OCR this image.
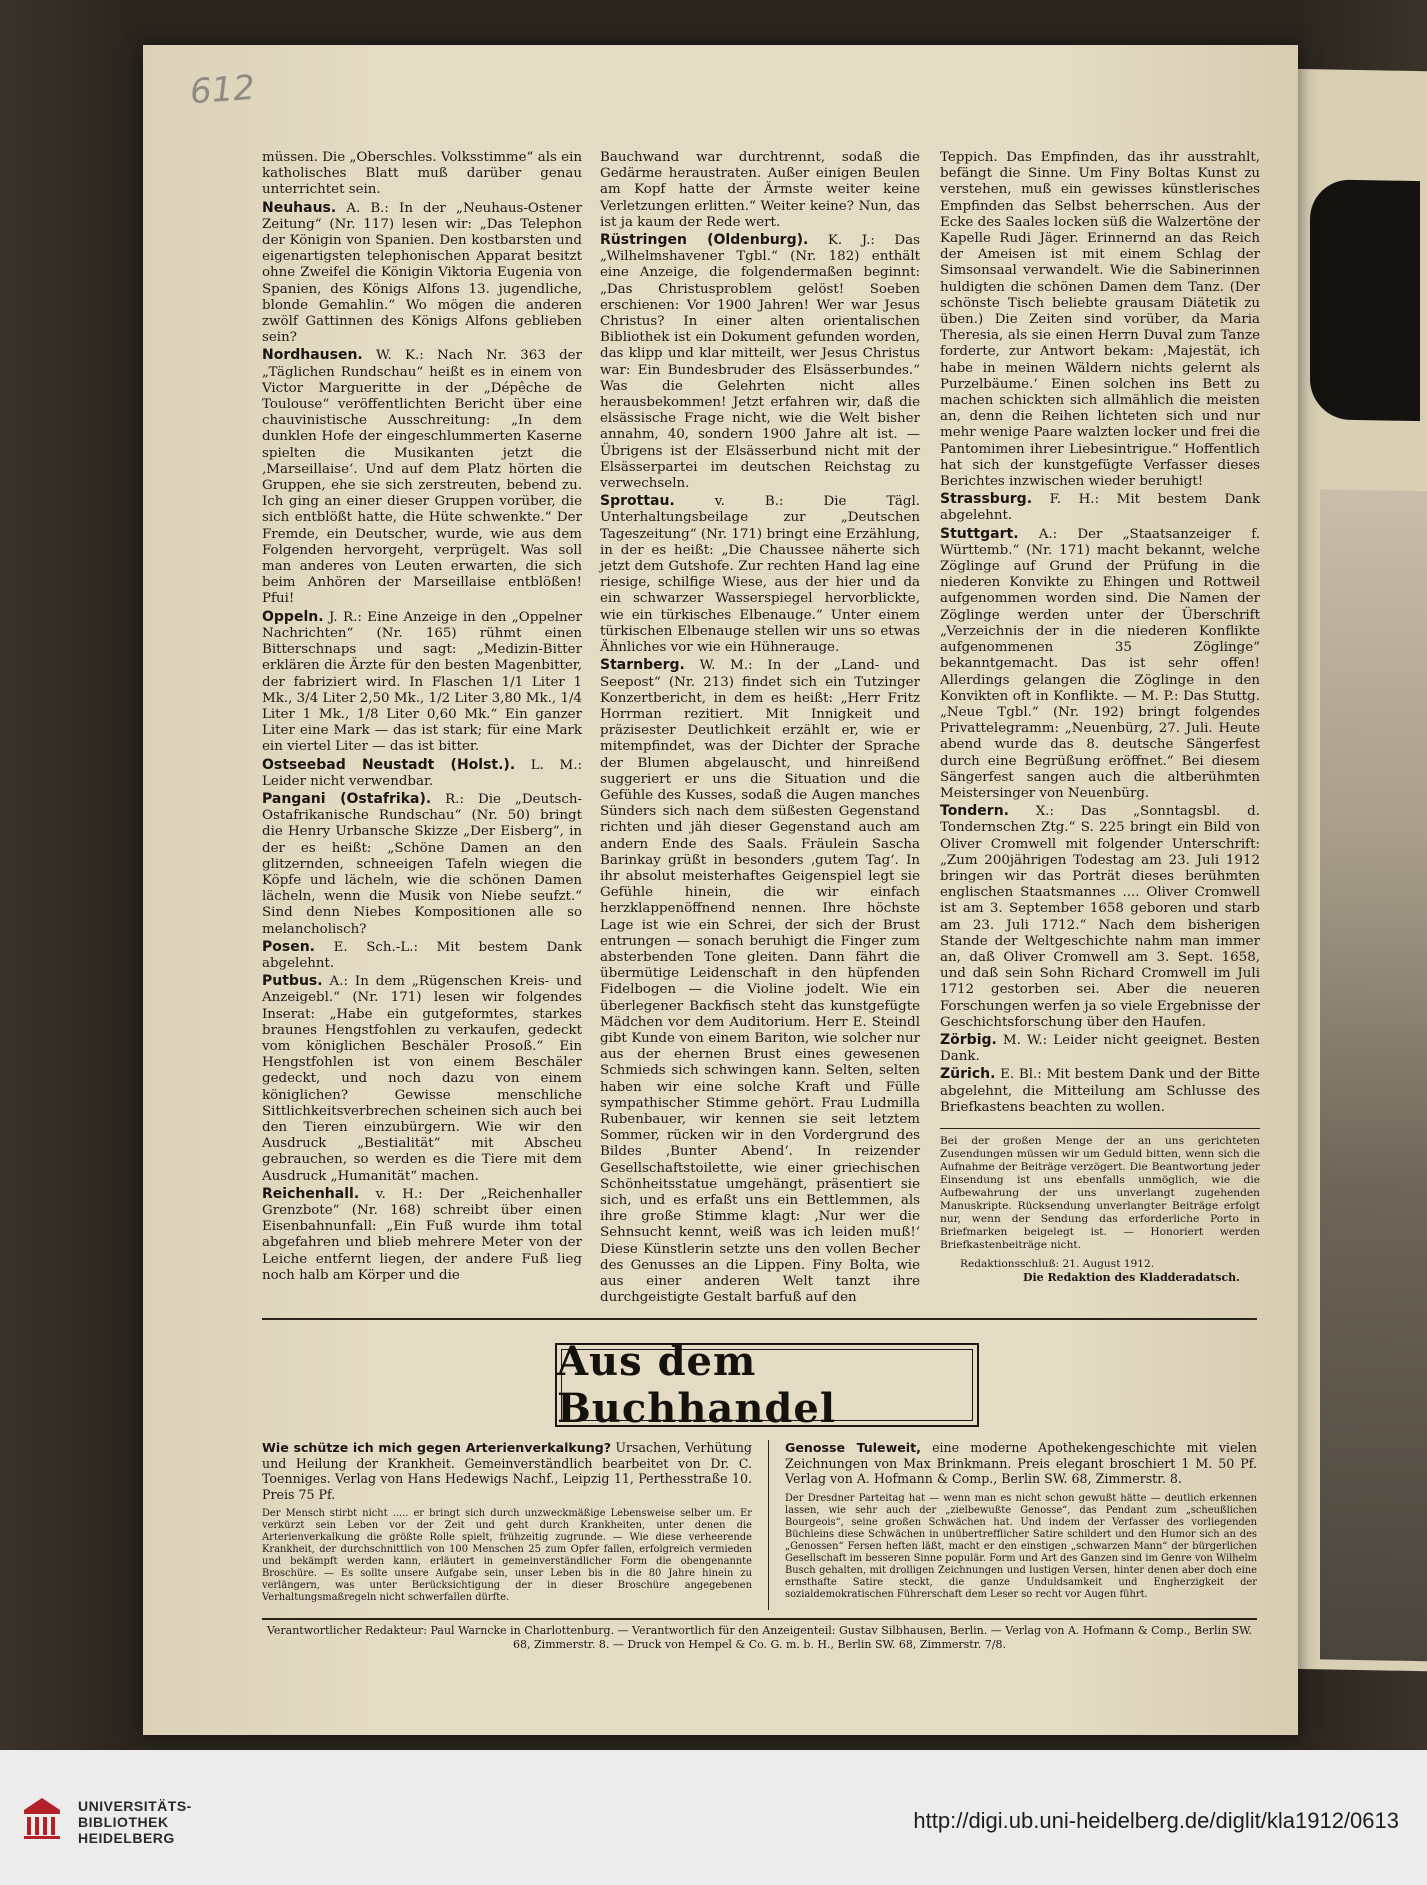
612

müssen. Die „Oberschles. Volksstimme“ als ein katholisches Blatt muß darüber genau unterrichtet sein.

Neuhaus. A. B.: In der „Neuhaus-Ostener Zeitung“ (Nr. 117) lesen wir: „Das Telephon der Königin von Spanien. Den kostbarsten und eigenartigsten telephonischen Apparat besitzt ohne Zweifel die Königin Viktoria Eugenia von Spanien, des Königs Alfons 13. jugendliche, blonde Gemahlin.“ Wo mögen die anderen zwölf Gattinnen des Königs Alfons geblieben sein?

Nordhausen. W. K.: Nach Nr. 363 der „Täglichen Rundschau“ heißt es in einem von Victor Margueritte in der „Dépêche de Toulouse“ veröffentlichten Bericht über eine chauvinistische Ausschreitung: „In dem dunklen Hofe der eingeschlummerten Kaserne spielten die Musikanten jetzt die ‚Marseillaise‘. Und auf dem Platz hörten die Gruppen, ehe sie sich zerstreuten, bebend zu. Ich ging an einer dieser Gruppen vorüber, die sich entblößt hatte, die Hüte schwenkte.“ Der Fremde, ein Deutscher, wurde, wie aus dem Folgenden hervorgeht, verprügelt. Was soll man anderes von Leuten erwarten, die sich beim Anhören der Marseillaise entblößen! Pfui!

Oppeln. J. R.: Eine Anzeige in den „Oppelner Nachrichten“ (Nr. 165) rühmt einen Bitterschnaps und sagt: „Medizin-Bitter erklären die Ärzte für den besten Magenbitter, der fabriziert wird. In Flaschen 1/1 Liter 1 Mk., 3/4 Liter 2,50 Mk., 1/2 Liter 3,80 Mk., 1/4 Liter 1 Mk., 1/8 Liter 0,60 Mk.“ Ein ganzer Liter eine Mark — das ist stark; für eine Mark ein viertel Liter — das ist bitter.

Ostseebad Neustadt (Holst.). L. M.: Leider nicht verwendbar.

Pangani (Ostafrika). R.: Die „Deutsch-Ostafrikanische Rundschau“ (Nr. 50) bringt die Henry Urbansche Skizze „Der Eisberg“, in der es heißt: „Schöne Damen an den glitzernden, schneeigen Tafeln wiegen die Köpfe und lächeln, wie die schönen Damen lächeln, wenn die Musik von Niebe seufzt.“ Sind denn Niebes Kompositionen alle so melancholisch?

Posen. E. Sch.-L.: Mit bestem Dank abgelehnt.

Putbus. A.: In dem „Rügenschen Kreis- und Anzeigebl.“ (Nr. 171) lesen wir folgendes Inserat: „Habe ein gutgeformtes, starkes braunes Hengstfohlen zu verkaufen, gedeckt vom königlichen Beschäler Prosoß.“ Ein Hengstfohlen ist von einem Beschäler gedeckt, und noch dazu von einem königlichen? Gewisse menschliche Sittlichkeitsverbrechen scheinen sich auch bei den Tieren einzubürgern. Wie wir den Ausdruck „Bestialität“ mit Abscheu gebrauchen, so werden es die Tiere mit dem Ausdruck „Humanität“ machen.

Reichenhall. v. H.: Der „Reichenhaller Grenzbote“ (Nr. 168) schreibt über einen Eisenbahnunfall: „Ein Fuß wurde ihm total abgefahren und blieb mehrere Meter von der Leiche entfernt liegen, der andere Fuß lieg noch halb am Körper und die

Bauchwand war durchtrennt, sodaß die Gedärme heraustraten. Außer einigen Beulen am Kopf hatte der Ärmste weiter keine Verletzungen erlitten.“ Weiter keine? Nun, das ist ja kaum der Rede wert.

Rüstringen (Oldenburg). K. J.: Das „Wilhelmshavener Tgbl.“ (Nr. 182) enthält eine Anzeige, die folgendermaßen beginnt: „Das Christusproblem gelöst! Soeben erschienen: Vor 1900 Jahren! Wer war Jesus Christus? In einer alten orientalischen Bibliothek ist ein Dokument gefunden worden, das klipp und klar mitteilt, wer Jesus Christus war: Ein Bundesbruder des Elsässerbundes.“ Was die Gelehrten nicht alles herausbekommen! Jetzt erfahren wir, daß die elsässische Frage nicht, wie die Welt bisher annahm, 40, sondern 1900 Jahre alt ist. — Übrigens ist der Elsässerbund nicht mit der Elsässerpartei im deutschen Reichstag zu verwechseln.

Sprottau. v. B.: Die Tägl. Unterhaltungsbeilage zur „Deutschen Tageszeitung“ (Nr. 171) bringt eine Erzählung, in der es heißt: „Die Chaussee näherte sich jetzt dem Gutshofe. Zur rechten Hand lag eine riesige, schilfige Wiese, aus der hier und da ein schwarzer Wasserspiegel hervorblickte, wie ein türkisches Elbenauge.“ Unter einem türkischen Elbenauge stellen wir uns so etwas Ähnliches vor wie ein Hühnerauge.

Starnberg. W. M.: In der „Land- und Seepost“ (Nr. 213) findet sich ein Tutzinger Konzertbericht, in dem es heißt: „Herr Fritz Horrman rezitiert. Mit Innigkeit und präzisester Deutlichkeit erzählt er, wie er mitempfindet, was der Dichter der Sprache der Blumen abgelauscht, und hinreißend suggeriert er uns die Situation und die Gefühle des Kusses, sodaß die Augen manches Sünders sich nach dem süßesten Gegenstand richten und jäh dieser Gegenstand auch am andern Ende des Saals. Fräulein Sascha Barinkay grüßt in besonders ‚gutem Tag‘. In ihr absolut meisterhaftes Geigenspiel legt sie Gefühle hinein, die wir einfach herzklappenöffnend nennen. Ihre höchste Lage ist wie ein Schrei, der sich der Brust entrungen — sonach beruhigt die Finger zum absterbenden Tone gleiten. Dann fährt die übermütige Leidenschaft in den hüpfenden Fidelbogen — die Violine jodelt. Wie ein überlegener Backfisch steht das kunstgefügte Mädchen vor dem Auditorium. Herr E. Steindl gibt Kunde von einem Bariton, wie solcher nur aus der ehernen Brust eines gewesenen Schmieds sich schwingen kann. Selten, selten haben wir eine solche Kraft und Fülle sympathischer Stimme gehört. Frau Ludmilla Rubenbauer, wir kennen sie seit letztem Sommer, rücken wir in den Vordergrund des Bildes ‚Bunter Abend‘. In reizender Gesellschaftstoilette, wie einer griechischen Schönheitsstatue umgehängt, präsentiert sie sich, und es erfaßt uns ein Bettlemmen, als ihre große Stimme klagt: ‚Nur wer die Sehnsucht kennt, weiß was ich leiden muß!‘ Diese Künstlerin setzte uns den vollen Becher des Genusses an die Lippen. Finy Bolta, wie aus einer anderen Welt tanzt ihre durchgeistigte Gestalt barfuß auf den

Teppich. Das Empfinden, das ihr ausstrahlt, befängt die Sinne. Um Finy Boltas Kunst zu verstehen, muß ein gewisses künstlerisches Empfinden das Selbst beherrschen. Aus der Ecke des Saales locken süß die Walzertöne der Kapelle Rudi Jäger. Erinnernd an das Reich der Ameisen ist mit einem Schlag der Simsonsaal verwandelt. Wie die Sabinerinnen huldigten die schönen Damen dem Tanz. (Der schönste Tisch beliebte grausam Diätetik zu üben.) Die Zeiten sind vorüber, da Maria Theresia, als sie einen Herrn Duval zum Tanze forderte, zur Antwort bekam: ‚Majestät, ich habe in meinen Wäldern nichts gelernt als Purzelbäume.‘ Einen solchen ins Bett zu machen schickten sich allmählich die meisten an, denn die Reihen lichteten sich und nur mehr wenige Paare walzten locker und frei die Pantomimen ihrer Liebesintrigue.“ Hoffentlich hat sich der kunstgefügte Verfasser dieses Berichtes inzwischen wieder beruhigt!

Strassburg. F. H.: Mit bestem Dank abgelehnt.

Stuttgart. A.: Der „Staatsanzeiger f. Württemb.“ (Nr. 171) macht bekannt, welche Zöglinge auf Grund der Prüfung in die niederen Konvikte zu Ehingen und Rottweil aufgenommen worden sind. Die Namen der Zöglinge werden unter der Überschrift „Verzeichnis der in die niederen Konflikte aufgenommenen 35 Zöglinge“ bekanntgemacht. Das ist sehr offen! Allerdings gelangen die Zöglinge in den Konvikten oft in Konflikte. — M. P.: Das Stuttg. „Neue Tgbl.“ (Nr. 192) bringt folgendes Privattelegramm: „Neuenbürg, 27. Juli. Heute abend wurde das 8. deutsche Sängerfest durch eine Begrüßung eröffnet.“ Bei diesem Sängerfest sangen auch die altberühmten Meistersinger von Neuenbürg.

Tondern. X.: Das „Sonntagsbl. d. Tondernschen Ztg.“ S. 225 bringt ein Bild von Oliver Cromwell mit folgender Unterschrift: „Zum 200jährigen Todestag am 23. Juli 1912 bringen wir das Porträt dieses berühmten englischen Staatsmannes .... Oliver Cromwell ist am 3. September 1658 geboren und starb am 23. Juli 1712.“ Nach dem bisherigen Stande der Weltgeschichte nahm man immer an, daß Oliver Cromwell am 3. Sept. 1658, und daß sein Sohn Richard Cromwell im Juli 1712 gestorben sei. Aber die neueren Forschungen werfen ja so viele Ergebnisse der Geschichtsforschung über den Haufen.

Zörbig. M. W.: Leider nicht geeignet. Besten Dank.

Zürich. E. Bl.: Mit bestem Dank und der Bitte abgelehnt, die Mitteilung am Schlusse des Briefkastens beachten zu wollen.

Bei der großen Menge der an uns gerichteten Zusendungen müssen wir um Geduld bitten, wenn sich die Aufnahme der Beiträge verzögert. Die Beantwortung jeder Einsendung ist uns ebenfalls unmöglich, wie die Aufbewahrung der uns unverlangt zugehenden Manuskripte. Rücksendung unverlangter Beiträge erfolgt nur, wenn der Sendung das erforderliche Porto in Briefmarken beigelegt ist. — Honoriert werden Briefkastenbeiträge nicht.
Redaktionsschluß: 21. August 1912.
Die Redaktion des Kladderadatsch.
Aus dem Buchhandel
Wie schütze ich mich gegen Arterienverkalkung? Ursachen, Verhütung und Heilung der Krankheit. Gemeinverständlich bearbeitet von Dr. C. Toenniges. Verlag von Hans Hedewigs Nachf., Leipzig 11, Perthesstraße 10. Preis 75 Pf.
Der Mensch stirbt nicht ..... er bringt sich durch unzweckmäßige Lebensweise selber um. Er verkürzt sein Leben vor der Zeit und geht durch Krankheiten, unter denen die Arterienverkalkung die größte Rolle spielt, frühzeitig zugrunde. — Wie diese verheerende Krankheit, der durchschnittlich von 100 Menschen 25 zum Opfer fallen, erfolgreich vermieden und bekämpft werden kann, erläutert in gemeinverständlicher Form die obengenannte Broschüre. — Es sollte unsere Aufgabe sein, unser Leben bis in die 80 Jahre hinein zu verlängern, was unter Berücksichtigung der in dieser Broschüre angegebenen Verhaltungsmaßregeln nicht schwerfallen dürfte.
Genosse Tuleweit, eine moderne Apothekengeschichte mit vielen Zeichnungen von Max Brinkmann. Preis elegant broschiert 1 M. 50 Pf. Verlag von A. Hofmann & Comp., Berlin SW. 68, Zimmerstr. 8.
Der Dresdner Parteitag hat — wenn man es nicht schon gewußt hätte — deutlich erkennen lassen, wie sehr auch der „zielbewußte Genosse“, das Pendant zum „scheußlichen Bourgeois“, seine großen Schwächen hat. Und indem der Verfasser des vorliegenden Büchleins diese Schwächen in unübertrefflicher Satire schildert und den Humor sich an des „Genossen“ Fersen heften läßt, macht er den einstigen „schwarzen Mann“ der bürgerlichen Gesellschaft im besseren Sinne populär. Form und Art des Ganzen sind im Genre von Wilhelm Busch gehalten, mit drolligen Zeichnungen und lustigen Versen, hinter denen aber doch eine ernsthafte Satire steckt, die ganze Unduldsamkeit und Engherzigkeit der sozialdemokratischen Führerschaft dem Leser so recht vor Augen führt.
Verantwortlicher Redakteur: Paul Warncke in Charlottenburg. — Verantwortlich für den Anzeigenteil: Gustav Silbhausen, Berlin. — Verlag von A. Hofmann & Comp., Berlin SW. 68, Zimmerstr. 8. — Druck von Hempel & Co. G. m. b. H., Berlin SW. 68, Zimmerstr. 7/8.
UNIVERSITÄTS-
BIBLIOTHEK
HEIDELBERG
http://digi.ub.uni-heidelberg.de/diglit/kla1912/0613
